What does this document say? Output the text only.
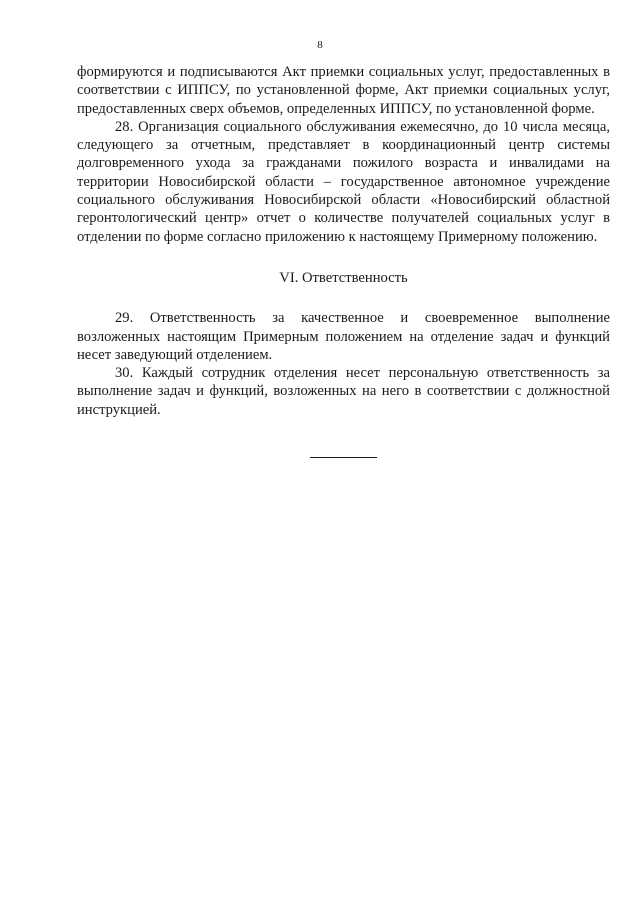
8

формируются и подписываются Акт приемки социальных услуг, предоставленных в соответствии с ИППСУ, по установленной форме, Акт приемки социальных услуг, предоставленных сверх объемов, определенных ИППСУ, по установленной форме.

28. Организация социального обслуживания ежемесячно, до 10 числа месяца, следующего за отчетным, представляет в координационный центр системы долговременного ухода за гражданами пожилого возраста и инвалидами на территории Новосибирской области – государственное автономное учреждение социального обслуживания Новосибирской области «Новосибирский областной геронтологический центр» отчет о количестве получателей социальных услуг в отделении по форме согласно приложению к настоящему Примерному положению.

VI. Ответственность

29. Ответственность за качественное и своевременное выполнение возложенных настоящим Примерным положением на отделение задач и функций несет заведующий отделением.

30. Каждый сотрудник отделения несет персональную ответственность за выполнение задач и функций, возложенных на него в соответствии с должностной инструкцией.
